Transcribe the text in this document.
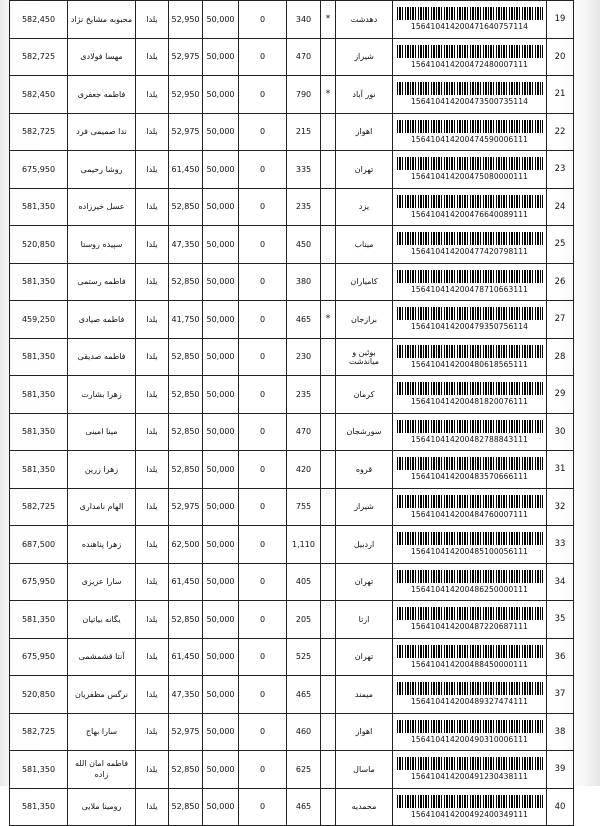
582,450	محبوبه مشایخ نژاد	یلدا	52,950	50,000	0	340	*	دهدشت	156410414200471640757114	19
582,725	مهسا فولادی	یلدا	52,975	50,000	0	470		شیراز	156410414200472480007111	20
582,450	فاطمه جعفری	یلدا	52,950	50,000	0	790	*	نور آباد	156410414200473500735114	21
582,725	ندا صمیمی فرد	یلدا	52,975	50,000	0	215		اهواز	156410414200474590006111	22
675,950	روشا رحیمی	یلدا	61,450	50,000	0	335		تهران	156410414200475080000111	23
581,350	عسل خیرزاده	یلدا	52,850	50,000	0	235		یزد	156410414200476640089111	24
520,850	سپیده روستا	یلدا	47,350	50,000	0	450		میناب	156410414200477420798111	25
581,350	فاطمه رستمی	یلدا	52,850	50,000	0	380		کامیاران	156410414200478710663111	26
459,250	فاطمه صیادی	یلدا	41,750	50,000	0	465	*	برازجان	156410414200479350756114	27
581,350	فاطمه صدیقی	یلدا	52,850	50,000	0	230		بوئین و میاندشت	156410414200480618565111	28
581,350	زهرا بشارت	یلدا	52,850	50,000	0	235		کرمان	156410414200481820076111	29
581,350	مینا امینی	یلدا	52,850	50,000	0	470		سورشجان	156410414200482788843111	30
581,350	زهرا زرین	یلدا	52,850	50,000	0	420		قروه	156410414200483570666111	31
582,725	الهام نامداری	یلدا	52,975	50,000	0	755		شیراز	156410414200484760007111	32
687,500	زهرا پناهنده	یلدا	62,500	50,000	0	1,110		اردبیل	156410414200485100056111	33
675,950	سارا عزیزی	یلدا	61,450	50,000	0	405		تهران	156410414200486250000111	34
581,350	یگانه بیاتیان	یلدا	52,850	50,000	0	205		ارتا	156410414200487220687111	35
675,950	آنتا قشمشمی	یلدا	61,450	50,000	0	525		تهران	156410414200488450000111	36
520,850	نرگس مظفریان	یلدا	47,350	50,000	0	465		میمند	156410414200489327474111	37
582,725	سارا بهاج	یلدا	52,975	50,000	0	460		اهواز	156410414200490310006111	38
581,350	فاطمه امان الله زاده	یلدا	52,850	50,000	0	625		ماسال	156410414200491230438111	39
581,350	رومینا ملایی	یلدا	52,850	50,000	0	465		محمدیه	156410414200492400349111	40
